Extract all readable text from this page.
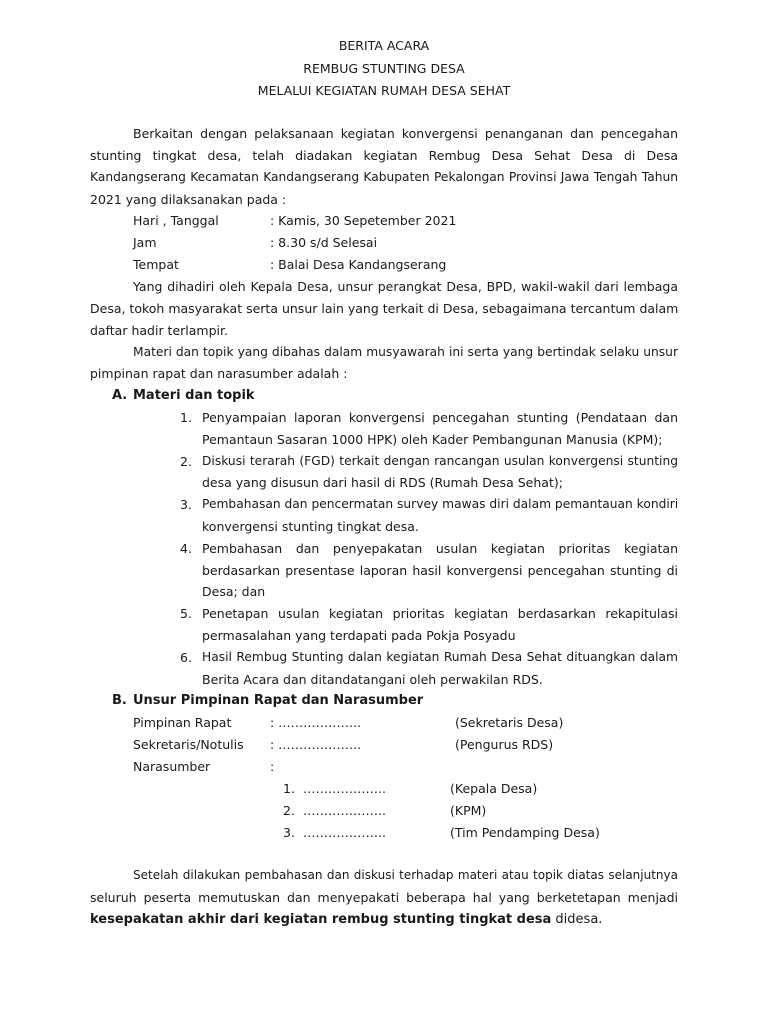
BERITA ACARA
REMBUG STUNTING DESA
MELALUI KEGIATAN RUMAH DESA SEHAT
Berkaitan dengan pelaksanaan kegiatan konvergensi penanganan dan pencegahan
stunting tingkat desa, telah diadakan kegiatan Rembug Desa Sehat Desa di Desa
Kandangserang Kecamatan Kandangserang Kabupaten Pekalongan Provinsi Jawa Tengah Tahun
2021 yang dilaksanakan pada :
Hari , Tanggal	: Kamis, 30 Sepetember 2021
Jam	: 8.30 s/d Selesai
Tempat	: Balai Desa Kandangserang
Yang dihadiri oleh Kepala Desa, unsur perangkat Desa, BPD, wakil-wakil dari lembaga
Desa, tokoh masyarakat serta unsur lain yang terkait di Desa, sebagaimana tercantum dalam
daftar hadir terlampir.
Materi dan topik yang dibahas dalam musyawarah ini serta yang bertindak selaku unsur
pimpinan rapat dan narasumber adalah :
A. Materi dan topik
1. Penyampaian laporan konvergensi pencegahan stunting (Pendataan dan
Pemantaun Sasaran 1000 HPK) oleh Kader Pembangunan Manusia (KPM);
2. Diskusi terarah (FGD) terkait dengan rancangan usulan konvergensi stunting
desa yang disusun dari hasil di RDS (Rumah Desa Sehat);
3. Pembahasan dan pencermatan survey mawas diri dalam pemantauan kondiri
konvergensi stunting tingkat desa.
4. Pembahasan dan penyepakatan usulan kegiatan prioritas kegiatan
berdasarkan presentase laporan hasil konvergensi pencegahan stunting di
Desa; dan
5. Penetapan usulan kegiatan prioritas kegiatan berdasarkan rekapitulasi
permasalahan yang terdapati pada Pokja Posyadu
6. Hasil Rembug Stunting dalan kegiatan Rumah Desa Sehat dituangkan dalam
Berita Acara dan ditandatangani oleh perwakilan RDS.
B. Unsur Pimpinan Rapat dan Narasumber
Pimpinan Rapat	: ………………..	(Sekretaris Desa)
Sekretaris/Notulis : ………………..	(Pengurus RDS)
Narasumber	:
1. ………………..	(Kepala Desa)
2. ………………..	(KPM)
3. ………………..	(Tim Pendamping Desa)
Setelah dilakukan pembahasan dan diskusi terhadap materi atau topik diatas selanjutnya
seluruh peserta memutuskan dan menyepakati beberapa hal yang berketetapan menjadi
kesepakatan akhir dari kegiatan rembug stunting tingkat desa didesa.
